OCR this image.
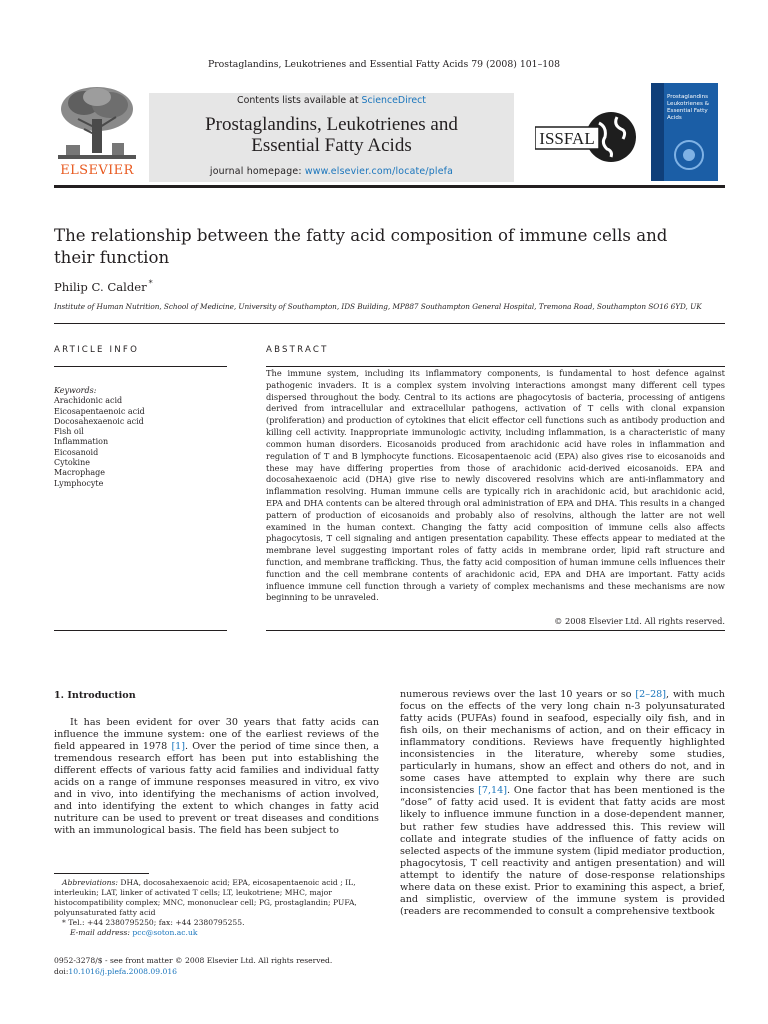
Prostaglandins, Leukotrienes and Essential Fatty Acids 79 (2008) 101–108
ELSEVIER
Contents lists available at ScienceDirect
Prostaglandins, Leukotrienes and
Essential Fatty Acids
journal homepage: www.elsevier.com/locate/plefa
ISSFAL
Prostaglandins
Leukotrienes &
Essential Fatty Acids
The relationship between the fatty acid composition of immune cells and
their function
Philip C. Calder *
Institute of Human Nutrition, School of Medicine, University of Southampton, IDS Building, MP887 Southampton General Hospital, Tremona Road, Southampton SO16 6YD, UK
ARTICLE INFO	ABSTRACT
Keywords:
Arachidonic acid
Eicosapentaenoic acid
Docosahexaenoic acid
Fish oil
Inflammation
Eicosanoid
Cytokine
Macrophage
Lymphocyte
The immune system, including its inflammatory components, is fundamental to host defence against pathogenic invaders. It is a complex system involving interactions amongst many different cell types dispersed throughout the body. Central to its actions are phagocytosis of bacteria, processing of antigens derived from intracellular and extracellular pathogens, activation of T cells with clonal expansion (proliferation) and production of cytokines that elicit effector cell functions such as antibody production and killing cell activity. Inappropriate immunologic activity, including inflammation, is a characteristic of many common human disorders. Eicosanoids produced from arachidonic acid have roles in inflammation and regulation of T and B lymphocyte functions. Eicosapentaenoic acid (EPA) also gives rise to eicosanoids and these may have differing properties from those of arachidonic acid-derived eicosanoids. EPA and docosahexaenoic acid (DHA) give rise to newly discovered resolvins which are anti-inflammatory and inflammation resolving. Human immune cells are typically rich in arachidonic acid, but arachidonic acid, EPA and DHA contents can be altered through oral administration of EPA and DHA. This results in a changed pattern of production of eicosanoids and probably also of resolvins, although the latter are not well examined in the human context. Changing the fatty acid composition of immune cells also affects phagocytosis, T cell signaling and antigen presentation capability. These effects appear to mediated at the membrane level suggesting important roles of fatty acids in membrane order, lipid raft structure and function, and membrane trafficking. Thus, the fatty acid composition of human immune cells influences their function and the cell membrane contents of arachidonic acid, EPA and DHA are important. Fatty acids influence immune cell function through a variety of complex mechanisms and these mechanisms are now beginning to be unraveled.
© 2008 Elsevier Ltd. All rights reserved.
1. Introduction
It has been evident for over 30 years that fatty acids can influence the immune system: one of the earliest reviews of the field appeared in 1978 [1]. Over the period of time since then, a tremendous research effort has been put into establishing the different effects of various fatty acid families and individual fatty acids on a range of immune responses measured in vitro, ex vivo and in vivo, into identifying the mechanisms of action involved, and into identifying the extent to which changes in fatty acid nutriture can be used to prevent or treat diseases and conditions with an immunological basis. The field has been subject to
numerous reviews over the last 10 years or so [2–28], with much focus on the effects of the very long chain n-3 polyunsaturated fatty acids (PUFAs) found in seafood, especially oily fish, and in fish oils, on their mechanisms of action, and on their efficacy in inflammatory conditions. Reviews have frequently highlighted inconsistencies in the literature, whereby some studies, particularly in humans, show an effect and others do not, and in some cases have attempted to explain why there are such inconsistencies [7,14]. One factor that has been mentioned is the “dose” of fatty acid used. It is evident that fatty acids are most likely to influence immune function in a dose-dependent manner, but rather few studies have addressed this. This review will collate and integrate studies of the influence of fatty acids on selected aspects of the immune system (lipid mediator production, phagocytosis, T cell reactivity and antigen presentation) and will attempt to identify the nature of dose-response relationships where data on these exist. Prior to examining this aspect, a brief, and simplistic, overview of the immune system is provided (readers are recommended to consult a comprehensive textbook
Abbreviations: DHA, docosahexaenoic acid; EPA, eicosapentaenoic acid ; IL, interleukin; LAT, linker of activated T cells; LT, leukotriene; MHC, major histocompatibility complex; MNC, mononuclear cell; PG, prostaglandin; PUFA, polyunsaturated fatty acid
* Tel.: +44 2380795250; fax: +44 2380795255.
E-mail address: pcc@soton.ac.uk
0952-3278/$ - see front matter © 2008 Elsevier Ltd. All rights reserved.
doi:10.1016/j.plefa.2008.09.016
